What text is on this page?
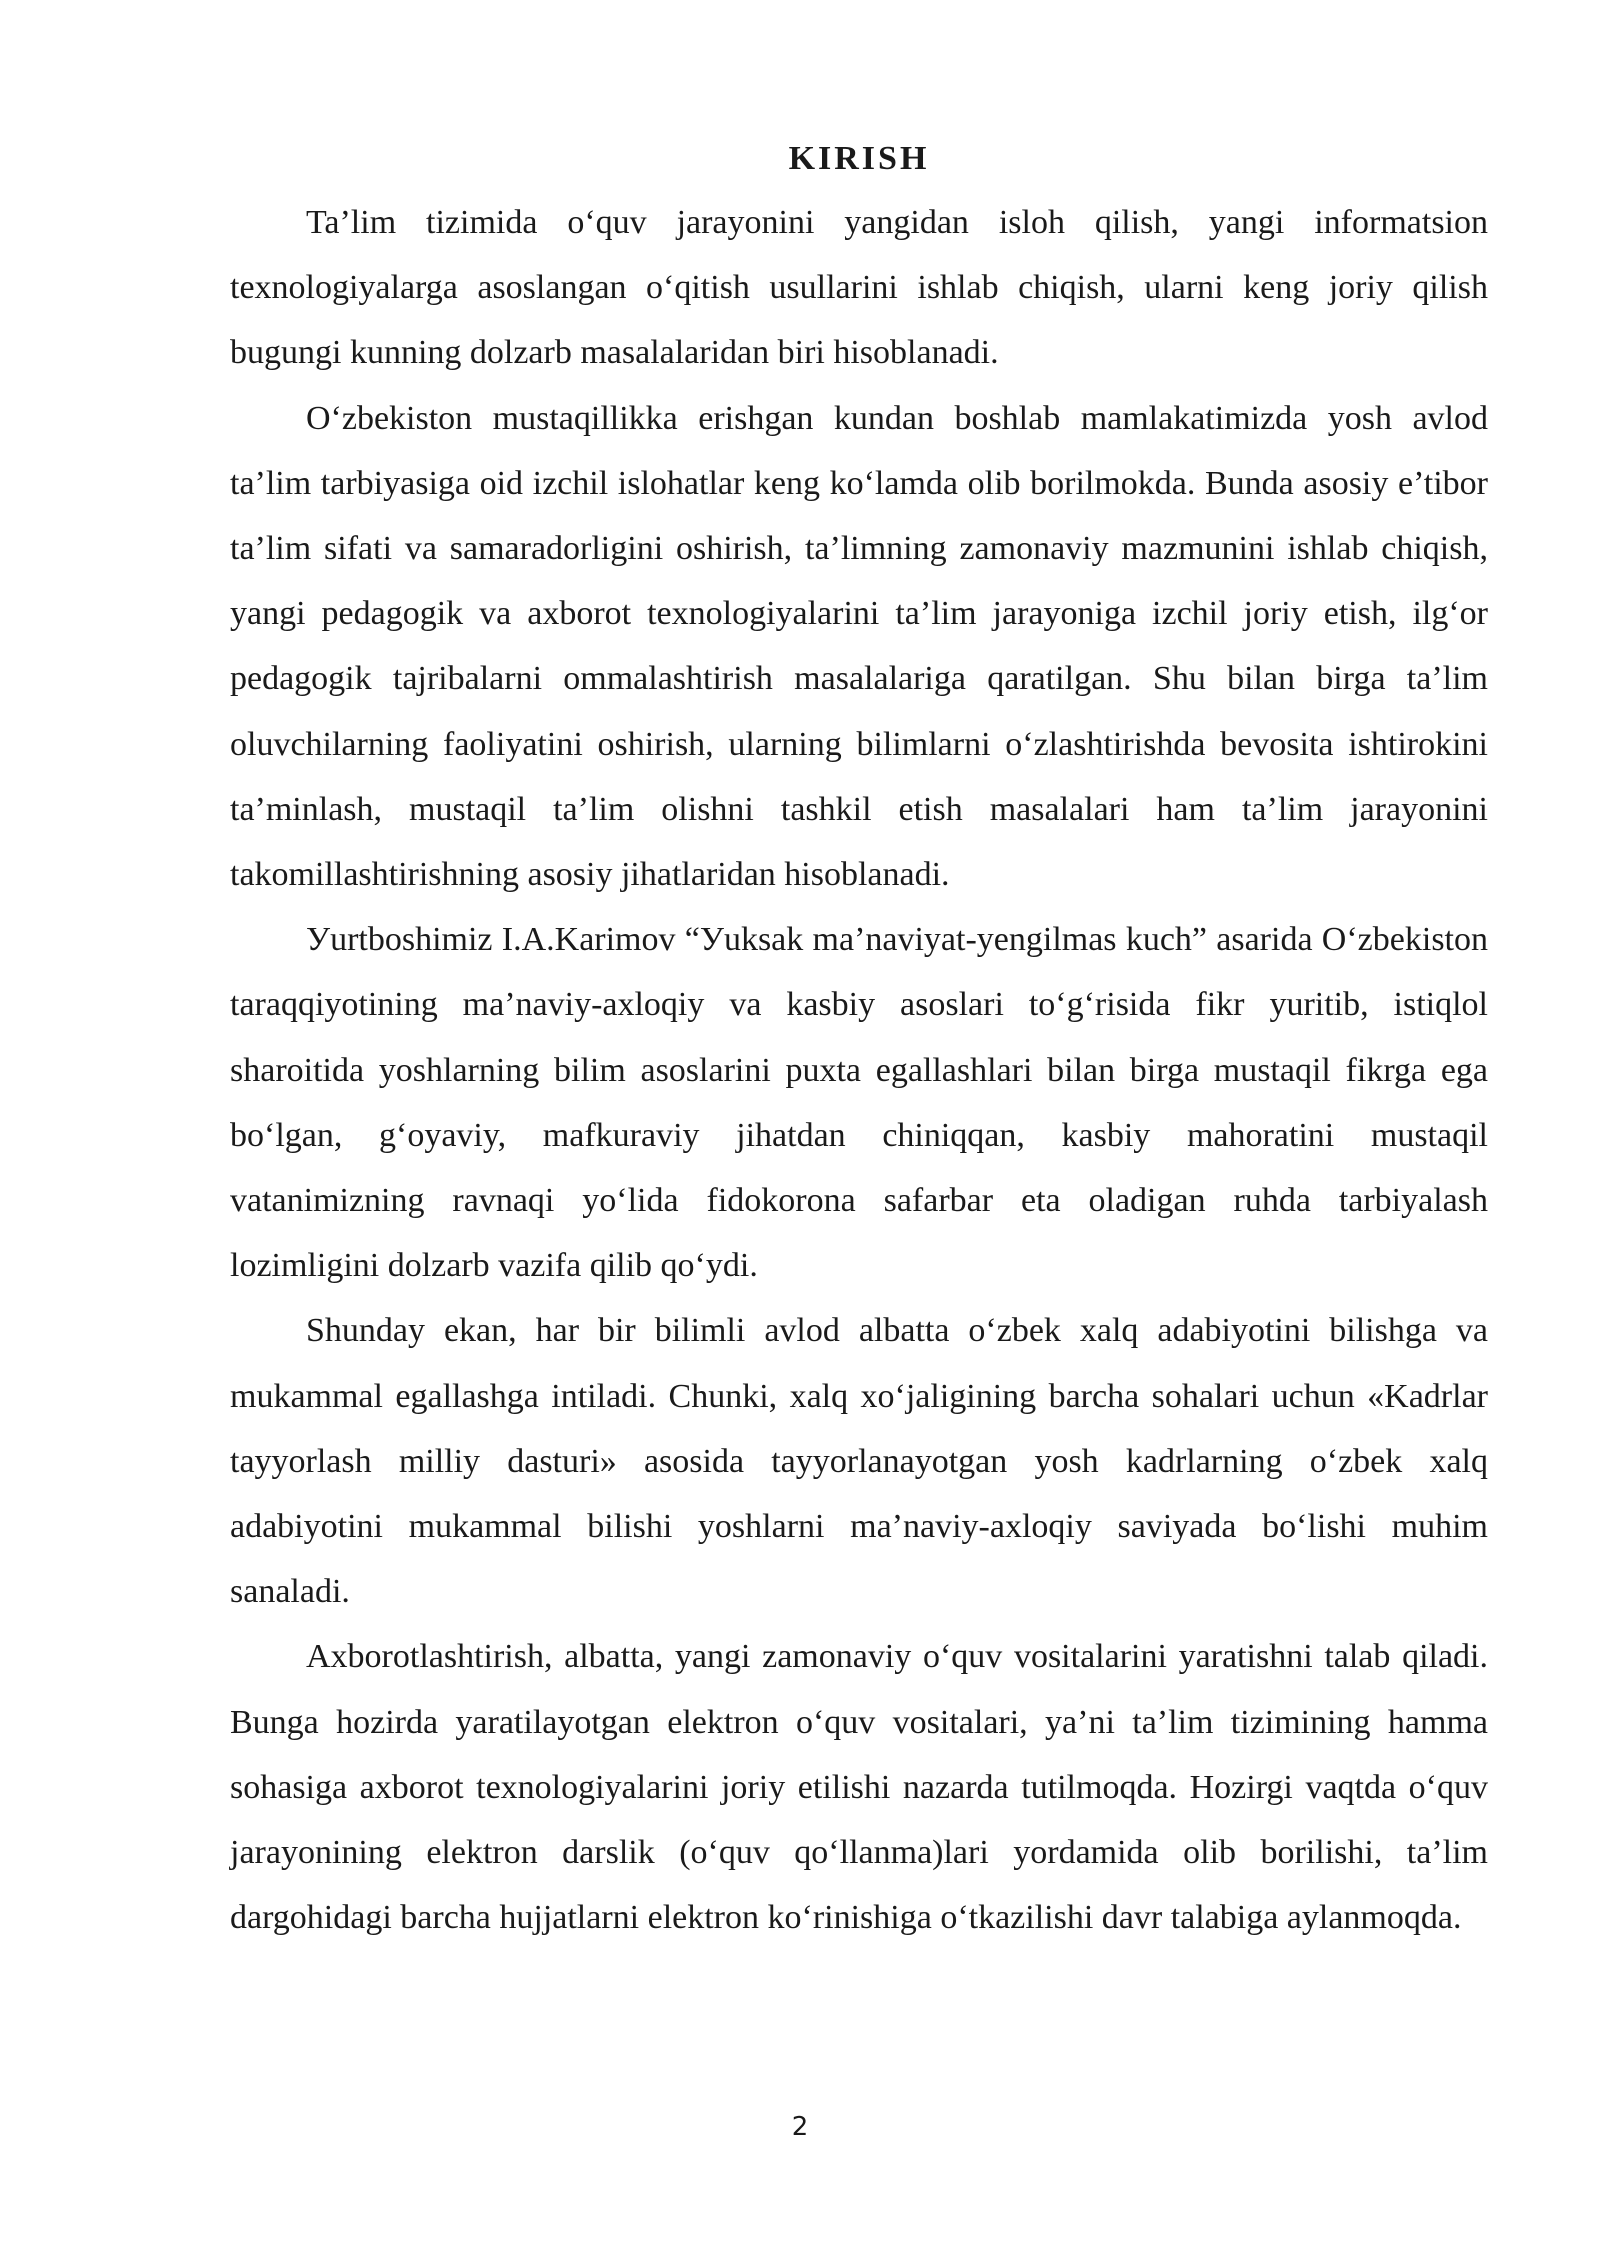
KIRISH

Ta’lim tizimida o‘quv jarayonini yangidan isloh qilish, yangi informatsion texnologiyalarga asoslangan o‘qitish usullarini ishlab chiqish, ularni keng joriy qilish bugungi kunning dolzarb masalalaridan biri hisoblanadi.

O‘zbekiston mustaqillikka erishgan kundan boshlab mamlakatimizda yosh avlod ta’lim tarbiyasiga oid izchil islohatlar keng ko‘lamda olib borilmokda. Bunda asosiy e’tibor ta’lim sifati va samaradorligini oshirish, ta’limning zamonaviy mazmunini ishlab chiqish, yangi pedagogik va axborot texnologiyalarini ta’lim jarayoniga izchil joriy etish, ilg‘or pedagogik tajribalarni ommalashtirish masalalariga qaratilgan. Shu bilan birga ta’lim oluvchilarning faoliyatini oshirish, ularning bilimlarni o‘zlashtirishda bevosita ishtirokini ta’minlash, mustaqil ta’lim olishni tashkil etish masalalari ham ta’lim jarayonini takomillashtirishning asosiy jihatlaridan hisoblanadi.

Уurtboshimiz I.A.Karimov “Уuksak ma’naviyat-yengilmas kuch” asarida O‘zbekiston taraqqiyotining ma’naviy-axloqiy va kasbiy asoslari to‘g‘risida fikr yuritib, istiqlol sharoitida yoshlarning bilim asoslarini puxta egallashlari bilan birga mustaqil fikrga ega bo‘lgan, g‘oyaviy, mafkuraviy jihatdan chiniqqan, kasbiy mahoratini mustaqil vatanimizning ravnaqi yo‘lida fidokorona safarbar eta oladigan ruhda tarbiyalash lozimligini dolzarb vazifa qilib qo‘ydi.

Shunday ekan, har bir bilimli avlod albatta o‘zbek xalq adabiyotini bilishga va mukammal egallashga intiladi. Chunki, xalq xo‘jaligining barcha sohalari uchun «Kadrlar tayyorlash milliy dasturi» asosida tayyorlanayotgan yosh kadrlarning o‘zbek xalq adabiyotini mukammal bilishi yoshlarni ma’naviy-axloqiy saviyada bo‘lishi muhim sanaladi.

Axborotlashtirish, albatta, yangi zamonaviy o‘quv vositalarini yaratishni talab qiladi. Bunga hozirda yaratilayotgan elektron o‘quv vositalari, ya’ni ta’lim tizimining hamma sohasiga axborot texnologiyalarini joriy etilishi nazarda tutilmoqda. Hozirgi vaqtda o‘quv jarayonining elektron darslik (o‘quv qo‘llanma)lari yordamida olib borilishi, ta’lim dargohidagi barcha hujjatlarni elektron ko‘rinishiga o‘tkazilishi davr talabiga aylanmoqda.

2
